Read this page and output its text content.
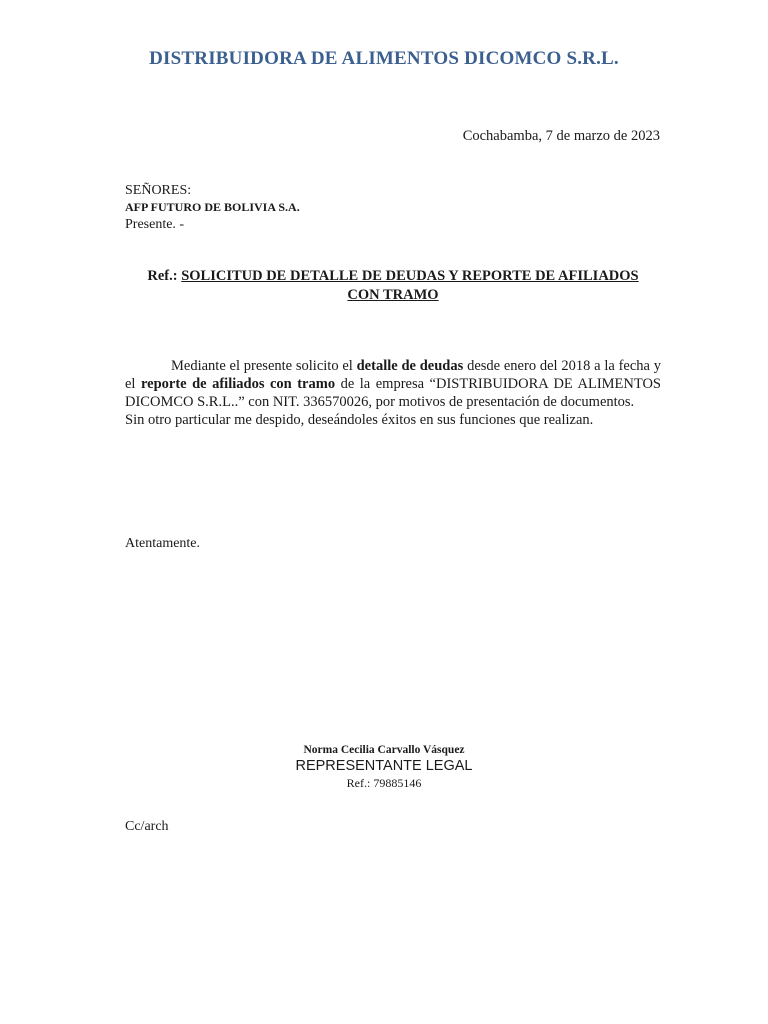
DISTRIBUIDORA DE ALIMENTOS DICOMCO S.R.L.
Cochabamba, 7 de marzo de 2023
SEÑORES:
AFP FUTURO DE BOLIVIA S.A.
Presente. -
Ref.: SOLICITUD DE DETALLE DE DEUDAS Y REPORTE DE AFILIADOS
CON TRAMO

Mediante el presente solicito el detalle de deudas desde enero del 2018 a la fecha y el reporte de afiliados con tramo de la empresa “DISTRIBUIDORA DE ALIMENTOS DICOMCO S.R.L..” con NIT. 336570026, por motivos de presentación de documentos.

Sin otro particular me despido, deseándoles éxitos en sus funciones que realizan.

Atentamente.
Norma Cecilia Carvallo Vásquez
REPRESENTANTE LEGAL
Ref.: 79885146
Cc/arch
